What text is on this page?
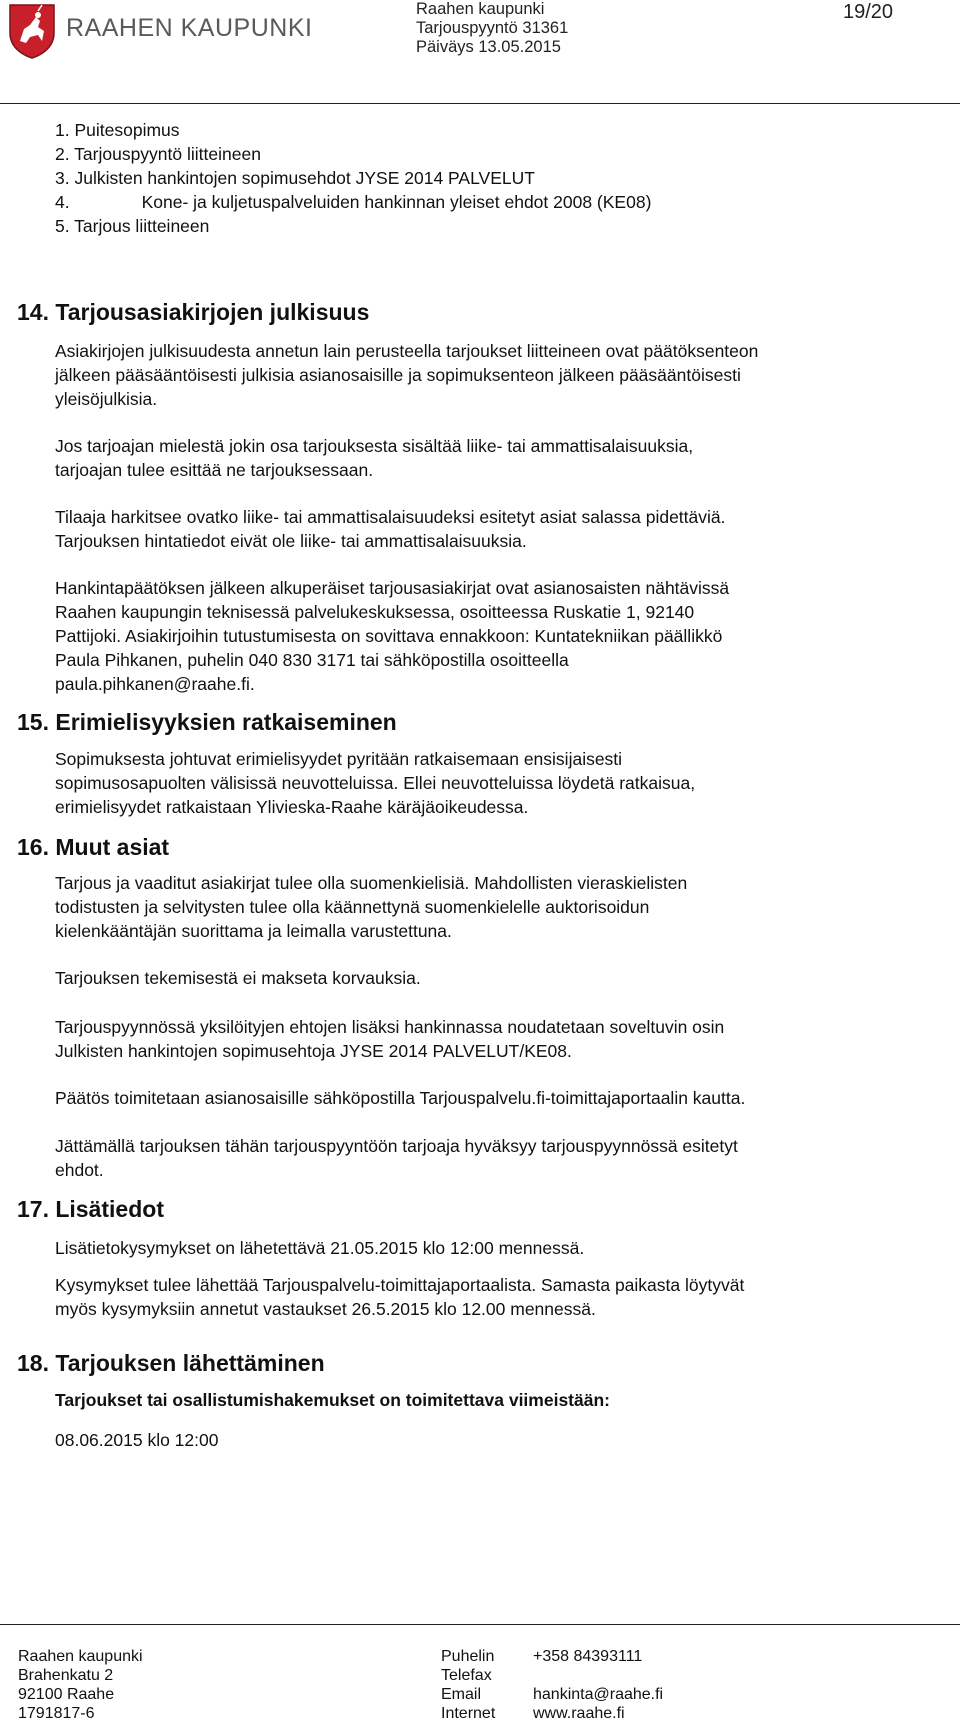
RAAHEN KAUPUNKI
Raahen kaupunki
Tarjouspyyntö 31361
Päiväys 13.05.2015
19/20
1. Puitesopimus
2. Tarjouspyyntö liitteineen
3. Julkisten hankintojen sopimusehdot JYSE 2014 PALVELUT
4.	Kone- ja kuljetuspalveluiden hankinnan yleiset ehdot 2008 (KE08)
5. Tarjous liitteineen
14. Tarjousasiakirjojen julkisuus
Asiakirjojen julkisuudesta annetun lain perusteella tarjoukset liitteineen ovat päätöksenteon
jälkeen pääsääntöisesti julkisia asianosaisille ja sopimuksenteon jälkeen pääsääntöisesti
yleisöjulkisia.
Jos tarjoajan mielestä jokin osa tarjouksesta sisältää liike- tai ammattisalaisuuksia,
tarjoajan tulee esittää ne tarjouksessaan.
Tilaaja harkitsee ovatko liike- tai ammattisalaisuudeksi esitetyt asiat salassa pidettäviä.
Tarjouksen hintatiedot eivät ole liike- tai ammattisalaisuuksia.
Hankintapäätöksen jälkeen alkuperäiset tarjousasiakirjat ovat asianosaisten nähtävissä
Raahen kaupungin teknisessä palvelukeskuksessa, osoitteessa Ruskatie 1, 92140
Pattijoki. Asiakirjoihin tutustumisesta on sovittava ennakkoon: Kuntatekniikan päällikkö
Paula Pihkanen, puhelin 040 830 3171 tai sähköpostilla osoitteella
paula.pihkanen@raahe.fi.
15. Erimielisyyksien ratkaiseminen
Sopimuksesta johtuvat erimielisyydet pyritään ratkaisemaan ensisijaisesti
sopimusosapuolten välisissä neuvotteluissa. Ellei neuvotteluissa löydetä ratkaisua,
erimielisyydet ratkaistaan Ylivieska-Raahe käräjäoikeudessa.
16. Muut asiat
Tarjous ja vaaditut asiakirjat tulee olla suomenkielisiä. Mahdollisten vieraskielisten
todistusten ja selvitysten tulee olla käännettynä suomenkielelle auktorisoidun
kielenkääntäjän suorittama ja leimalla varustettuna.
Tarjouksen tekemisestä ei makseta korvauksia.
Tarjouspyynnössä yksilöityjen ehtojen lisäksi hankinnassa noudatetaan soveltuvin osin
Julkisten hankintojen sopimusehtoja JYSE 2014 PALVELUT/KE08.
Päätös toimitetaan asianosaisille sähköpostilla Tarjouspalvelu.fi-toimittajaportaalin kautta.
Jättämällä tarjouksen tähän tarjouspyyntöön tarjoaja hyväksyy tarjouspyynnössä esitetyt
ehdot.
17. Lisätiedot
Lisätietokysymykset on lähetettävä 21.05.2015 klo 12:00 mennessä.
Kysymykset tulee lähettää Tarjouspalvelu-toimittajaportaalista. Samasta paikasta löytyvät
myös kysymyksiin annetut vastaukset 26.5.2015 klo 12.00 mennessä.
18. Tarjouksen lähettäminen
Tarjoukset tai osallistumishakemukset on toimitettava viimeistään:
08.06.2015 klo 12:00
Raahen kaupunki
Brahenkatu 2
92100 Raahe
1791817-6
Puhelin
Telefax
Email
Internet
+358 84393111
hankinta@raahe.fi
www.raahe.fi
